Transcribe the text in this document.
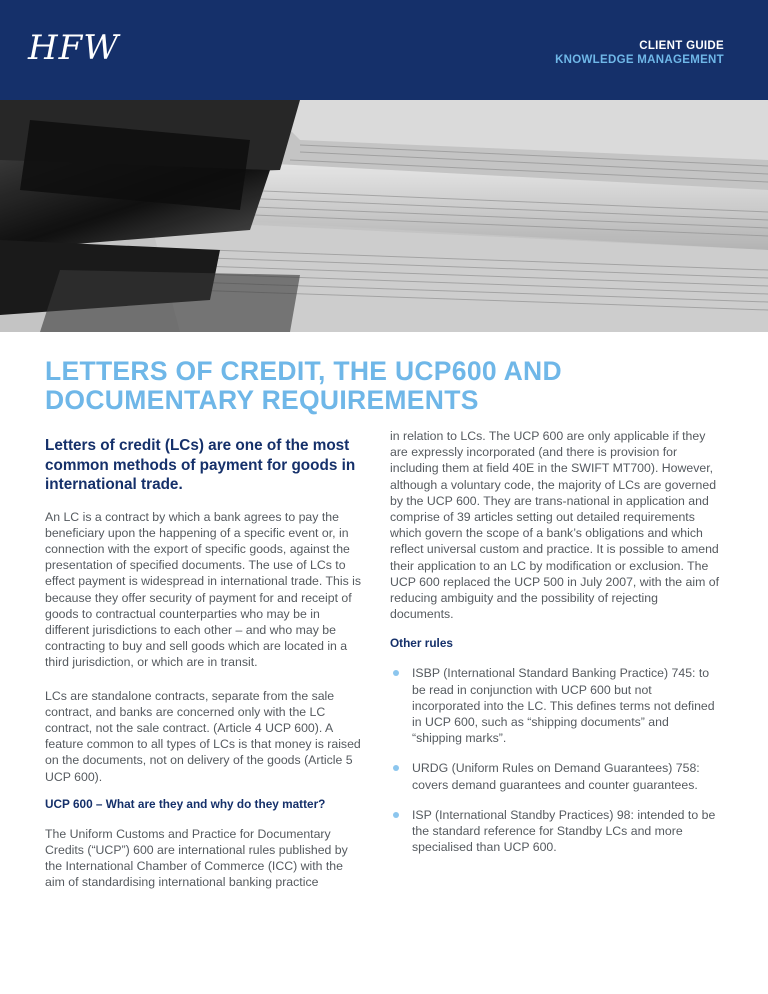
HFW	CLIENT GUIDE
KNOWLEDGE MANAGEMENT
LETTERS OF CREDIT, THE UCP600 AND DOCUMENTARY REQUIREMENTS

Letters of credit (LCs) are one of the most common methods of payment for goods in international trade.

An LC is a contract by which a bank agrees to pay the beneficiary upon the happening of a specific event or, in connection with the export of specific goods, against the presentation of specified documents. The use of LCs to effect payment is widespread in international trade. This is because they offer security of payment for and receipt of goods to contractual counterparties who may be in different jurisdictions to each other – and who may be contracting to buy and sell goods which are located in a third jurisdiction, or which are in transit.

LCs are standalone contracts, separate from the sale contract, and banks are concerned only with the LC contract, not the sale contract. (Article 4 UCP 600). A feature common to all types of LCs is that money is raised on the documents, not on delivery of the goods (Article 5 UCP 600).

UCP 600 – What are they and why do they matter?

The Uniform Customs and Practice for Documentary Credits (“UCP”) 600 are international rules published by the International Chamber of Commerce (ICC) with the aim of standardising international banking practice

in relation to LCs. The UCP 600 are only applicable if they are expressly incorporated (and there is provision for including them at field 40E in the SWIFT MT700). However, although a voluntary code, the majority of LCs are governed by the UCP 600. They are trans-national in application and comprise of 39 articles setting out detailed requirements which govern the scope of a bank’s obligations and which reflect universal custom and practice. It is possible to amend their application to an LC by modification or exclusion. The UCP 600 replaced the UCP 500 in July 2007, with the aim of reducing ambiguity and the possibility of rejecting documents.

Other rules

ISBP (International Standard Banking Practice) 745: to be read in conjunction with UCP 600 but not incorporated into the LC. This defines terms not defined in UCP 600, such as “shipping documents” and “shipping marks”.
URDG (Uniform Rules on Demand Guarantees) 758: covers demand guarantees and counter guarantees.
ISP (International Standby Practices) 98: intended to be the standard reference for Standby LCs and more specialised than UCP 600.
